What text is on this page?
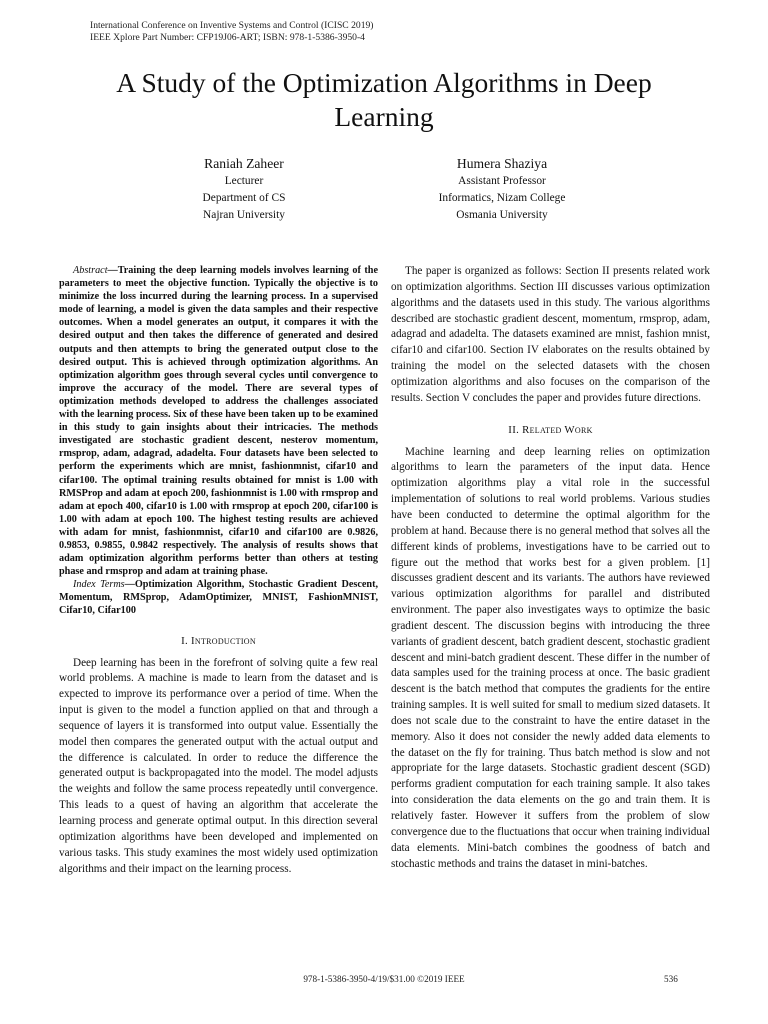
International Conference on Inventive Systems and Control (ICISC 2019)
IEEE Xplore Part Number: CFP19J06-ART; ISBN: 978-1-5386-3950-4
A Study of the Optimization Algorithms in Deep
Learning
Raniah Zaheer
Lecturer
Department of CS
Najran University
Humera Shaziya
Assistant Professor
Informatics, Nizam College
Osmania University

Abstract—Training the deep learning models involves learning of the parameters to meet the objective function. Typically the objective is to minimize the loss incurred during the learning process. In a supervised mode of learning, a model is given the data samples and their respective outcomes. When a model generates an output, it compares it with the desired output and then takes the difference of generated and desired outputs and then attempts to bring the generated output close to the desired output. This is achieved through optimization algorithms. An optimization algorithm goes through several cycles until convergence to improve the accuracy of the model. There are several types of optimization methods developed to address the challenges associated with the learning process. Six of these have been taken up to be examined in this study to gain insights about their intricacies. The methods investigated are stochastic gradient descent, nesterov momentum, rmsprop, adam, adagrad, adadelta. Four datasets have been selected to perform the experiments which are mnist, fashionmnist, cifar10 and cifar100. The optimal training results obtained for mnist is 1.00 with RMSProp and adam at epoch 200, fashionmnist is 1.00 with rmsprop and adam at epoch 400, cifar10 is 1.00 with rmsprop at epoch 200, cifar100 is 1.00 with adam at epoch 100. The highest testing results are achieved with adam for mnist, fashionmnist, cifar10 and cifar100 are 0.9826, 0.9853, 0.9855, 0.9842 respectively. The analysis of results shows that adam optimization algorithm performs better than others at testing phase and rmsprop and adam at training phase.

Index Terms—Optimization Algorithm, Stochastic Gradient Descent, Momentum, RMSprop, AdamOptimizer, MNIST, FashionMNIST, Cifar10, Cifar100

I. Introduction

Deep learning has been in the forefront of solving quite a few real world problems. A machine is made to learn from the dataset and is expected to improve its performance over a period of time. When the input is given to the model a function applied on that and through a sequence of layers it is transformed into output value. Essentially the model then compares the generated output with the actual output and the difference is calculated. In order to reduce the difference the generated output is backpropagated into the model. The model adjusts the weights and follow the same process repeatedly until convergence. This leads to a quest of having an algorithm that accelerate the learning process and generate optimal output. In this direction several optimization algorithms have been developed and implemented on various tasks. This study examines the most widely used optimization algorithms and their impact on the learning process.

The paper is organized as follows: Section II presents related work on optimization algorithms. Section III discusses various optimization algorithms and the datasets used in this study. The various algorithms described are stochastic gradient descent, momentum, rmsprop, adam, adagrad and adadelta. The datasets examined are mnist, fashion mnist, cifar10 and cifar100. Section IV elaborates on the results obtained by training the model on the selected datasets with the chosen optimization algorithms and also focuses on the comparison of the results. Section V concludes the paper and provides future directions.

II. Related Work

Machine learning and deep learning relies on optimization algorithms to learn the parameters of the input data. Hence optimization algorithms play a vital role in the successful implementation of solutions to real world problems. Various studies have been conducted to determine the optimal algorithm for the problem at hand. Because there is no general method that solves all the different kinds of problems, investigations have to be carried out to figure out the method that works best for a given problem. [1] discusses gradient descent and its variants. The authors have reviewed various optimization algorithms for parallel and distributed environment. The paper also investigates ways to optimize the basic gradient descent. The discussion begins with introducing the three variants of gradient descent, batch gradient descent, stochastic gradient descent and mini-batch gradient descent. These differ in the number of data samples used for the training process at once. The basic gradient descent is the batch method that computes the gradients for the entire training samples. It is well suited for small to medium sized datasets. It does not scale due to the constraint to have the entire dataset in the memory. Also it does not consider the newly added data elements to the dataset on the fly for training. Thus batch method is slow and not appropriate for the large datasets. Stochastic gradient descent (SGD) performs gradient computation for each training sample. It also takes into consideration the data elements on the go and train them. It is relatively faster. However it suffers from the problem of slow convergence due to the fluctuations that occur when training individual data elements. Mini-batch combines the goodness of batch and stochastic methods and trains the dataset in mini-batches.

978-1-5386-3950-4/19/$31.00 ©2019 IEEE	536
